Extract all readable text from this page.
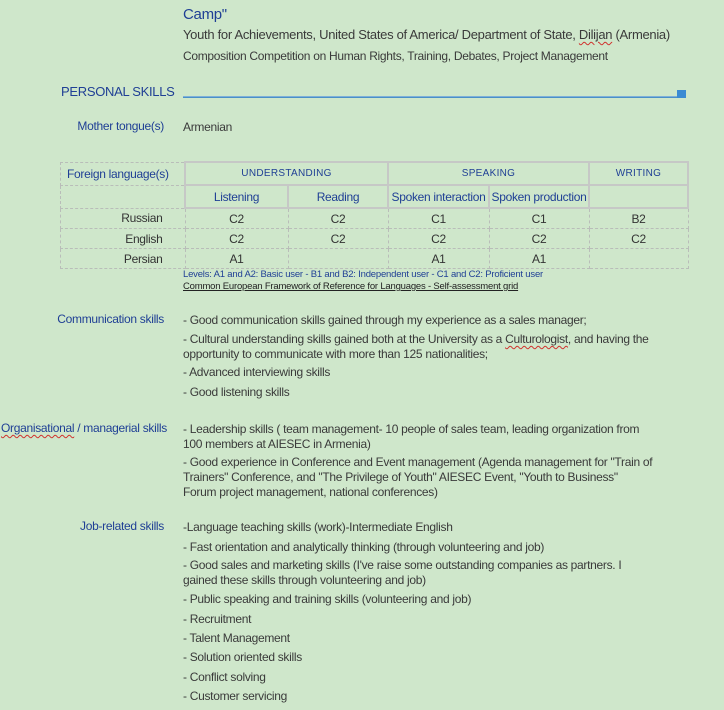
Camp"
Youth for Achievements, United States of America/ Department of State, Dilijan (Armenia)
Composition Competition on Human Rights, Training, Debates, Project Management
PERSONAL SKILLS
Mother tongue(s) Armenian
Foreign language(s)	UNDERSTANDING		SPEAKING		WRITING
	Listening	Reading	Spoken interaction	Spoken production	
Russian	C2	C2	C1	C1	B2
English	C2	C2	C2	C2	C2
Persian	A1		A1	A1	
Levels: A1 and A2: Basic user - B1 and B2: Independent user - C1 and C2: Proficient user
Common European Framework of Reference for Languages - Self-assessment grid
Communication skills - Good communication skills gained through my experience as a sales manager;
- Cultural understanding skills gained both at the University as a Culturologist, and having the opportunity to communicate with more than 125 nationalities;
- Advanced interviewing skills
- Good listening skills
Organisational / managerial skills - Leadership skills ( team management- 10 people of sales team, leading organization from 100 members at AIESEC in Armenia)
- Good experience in Conference and Event management (Agenda management for "Train of Trainers" Conference, and "The Privilege of Youth" AIESEC Event, "Youth to Business" Forum project management, national conferences)
Job-related skills -Language teaching skills (work)-Intermediate English
- Fast orientation and analytically thinking (through volunteering and job)
- Good sales and marketing skills (I've raise some outstanding companies as partners. I gained these skills through volunteering and job)
- Public speaking and training skills (volunteering and job)
- Recruitment
- Talent Management
- Solution oriented skills
- Conflict solving
- Customer servicing
